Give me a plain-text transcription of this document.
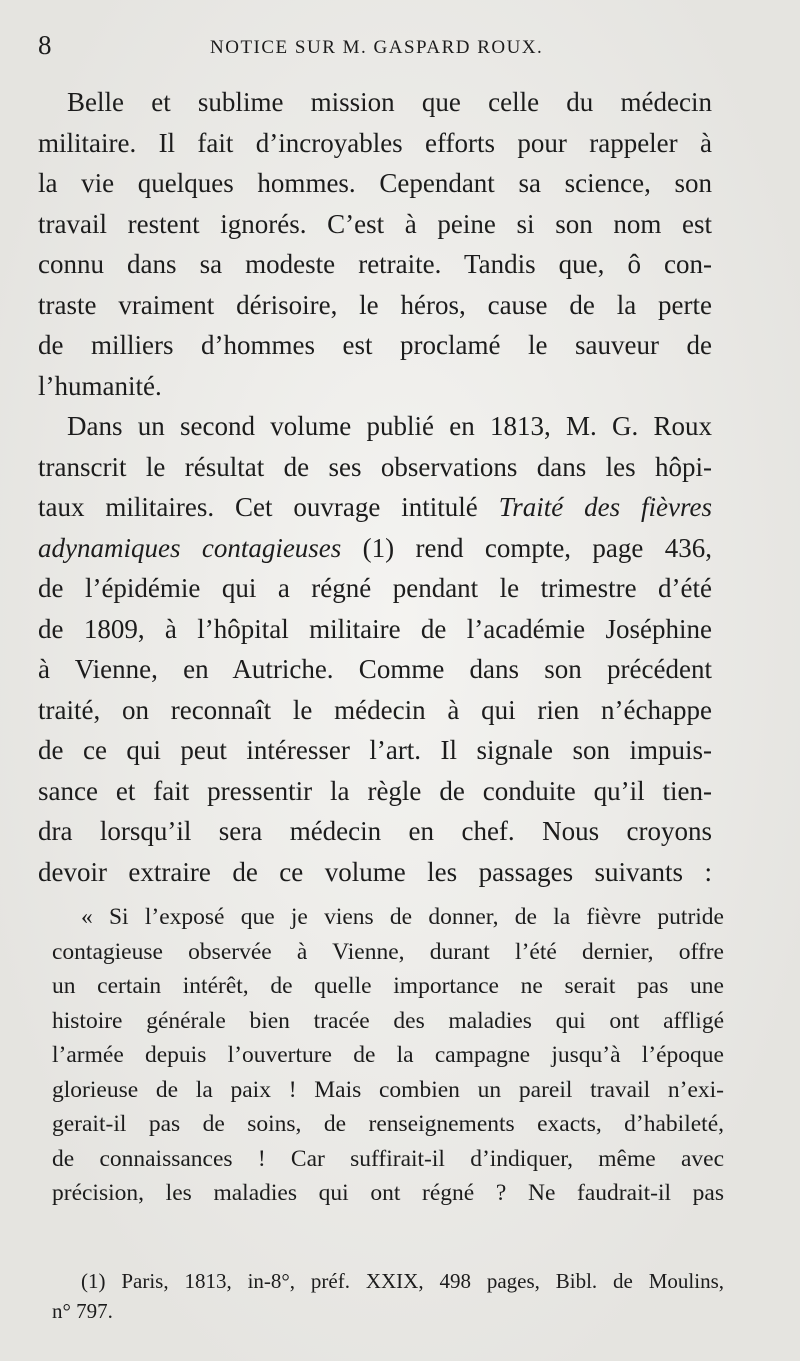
8	NOTICE SUR M. GASPARD ROUX.

Belle et sublime mission que celle du médecin
militaire. Il fait d’incroyables efforts pour rappeler à
la vie quelques hommes. Cependant sa science, son
travail restent ignorés. C’est à peine si son nom est
connu dans sa modeste retraite. Tandis que, ô con-
traste vraiment dérisoire, le héros, cause de la perte
de milliers d’hommes est proclamé le sauveur de
l’humanité.

Dans un second volume publié en 1813, M. G. Roux
transcrit le résultat de ses observations dans les hôpi-
taux militaires. Cet ouvrage intitulé Traité des fièvres
adynamiques contagieuses (1) rend compte, page 436,
de l’épidémie qui a régné pendant le trimestre d’été
de 1809, à l’hôpital militaire de l’académie Joséphine
à Vienne, en Autriche. Comme dans son précédent
traité, on reconnaît le médecin à qui rien n’échappe
de ce qui peut intéresser l’art. Il signale son impuis-
sance et fait pressentir la règle de conduite qu’il tien-
dra lorsqu’il sera médecin en chef. Nous croyons
devoir extraire de ce volume les passages suivants :

« Si l’exposé que je viens de donner, de la fièvre putride
contagieuse observée à Vienne, durant l’été dernier, offre
un certain intérêt, de quelle importance ne serait pas une
histoire générale bien tracée des maladies qui ont affligé
l’armée depuis l’ouverture de la campagne jusqu’à l’époque
glorieuse de la paix ! Mais combien un pareil travail n’exi-
gerait-il pas de soins, de renseignements exacts, d’habileté,
de connaissances ! Car suffirait-il d’indiquer, même avec
précision, les maladies qui ont régné ? Ne faudrait-il pas
(1) Paris, 1813, in-8°, préf. XXIX, 498 pages, Bibl. de Moulins,
n° 797.
